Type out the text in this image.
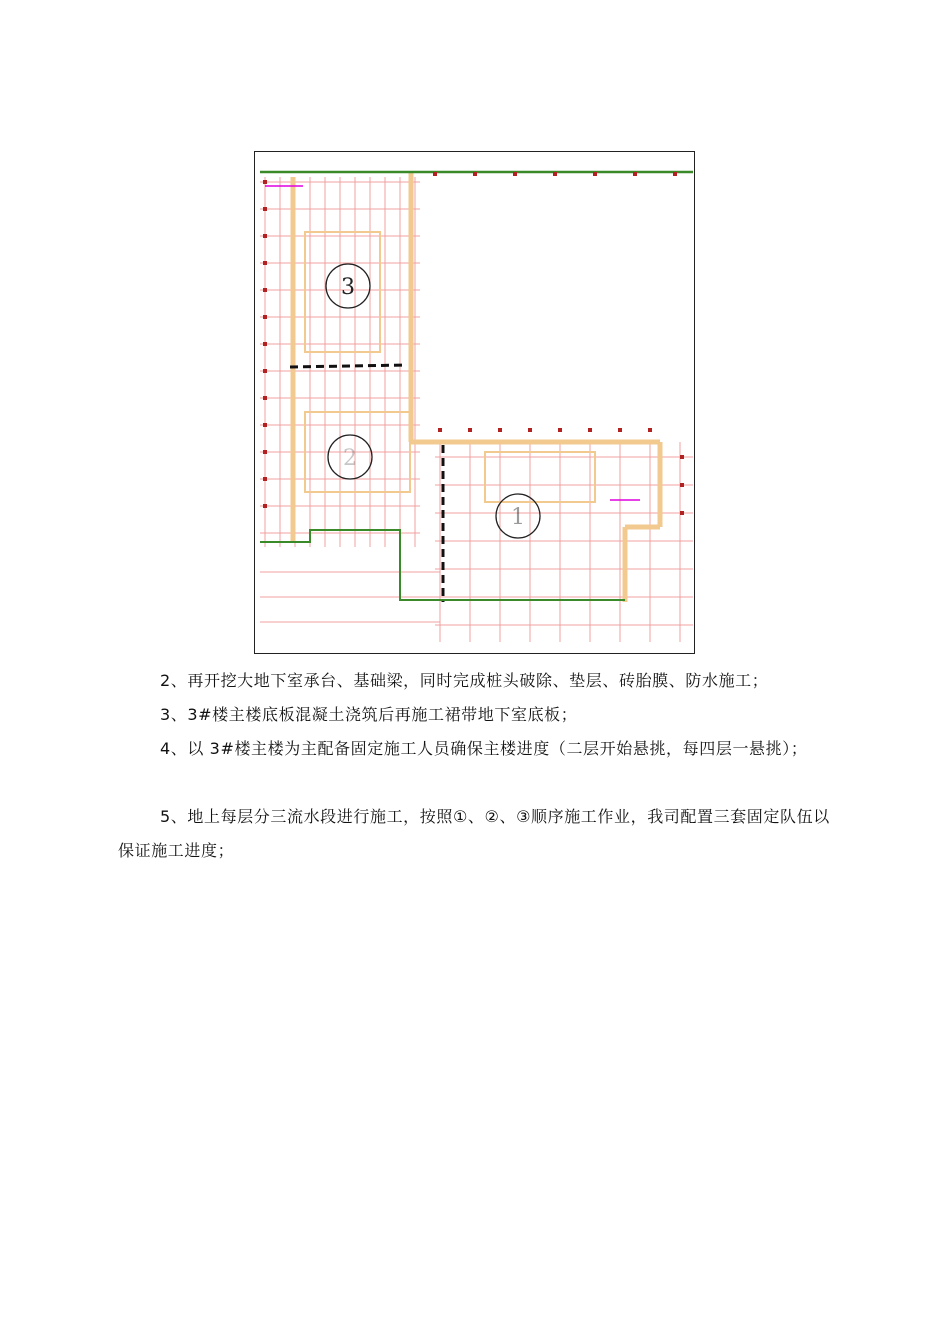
3
2
1
2、再开挖大地下室承台、基础梁，同时完成桩头破除、垫层、砖胎膜、防水施工；
3、3#楼主楼底板混凝土浇筑后再施工裙带地下室底板；
4、以 3#楼主楼为主配备固定施工人员确保主楼进度（二层开始悬挑，每四层一悬挑）；
5、地上每层分三流水段进行施工，按照①、②、③顺序施工作业，我司配置三套固定队伍以保证施工进度；
